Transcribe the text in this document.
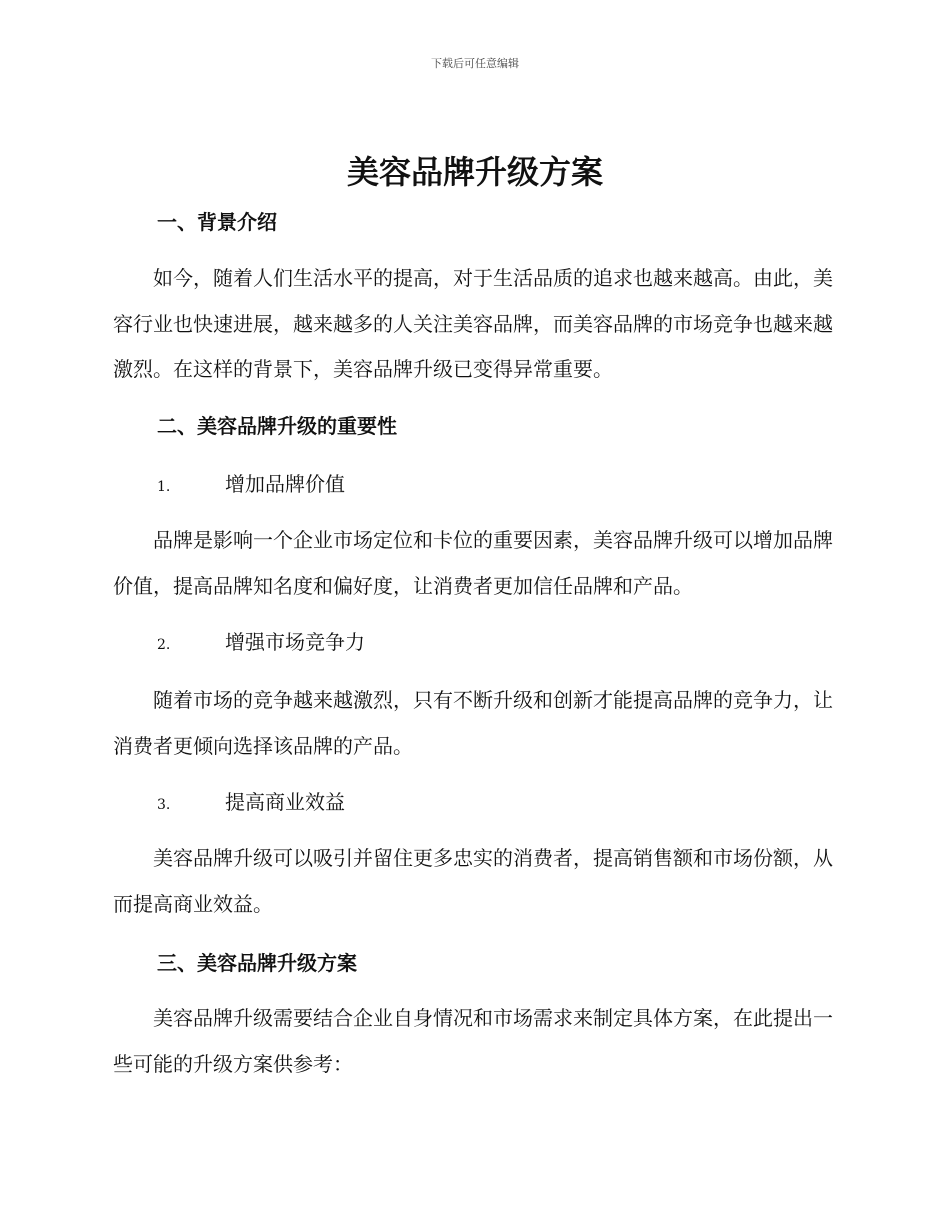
下载后可任意编辑
美容品牌升级方案
一、背景介绍

如今，随着人们生活水平的提高，对于生活品质的追求也越来越高。由此，美容行业也快速进展，越来越多的人关注美容品牌，而美容品牌的市场竞争也越来越激烈。在这样的背景下，美容品牌升级已变得异常重要。

二、美容品牌升级的重要性
1.	增加品牌价值

品牌是影响一个企业市场定位和卡位的重要因素，美容品牌升级可以增加品牌价值，提高品牌知名度和偏好度，让消费者更加信任品牌和产品。

2.	增强市场竞争力

随着市场的竞争越来越激烈，只有不断升级和创新才能提高品牌的竞争力，让消费者更倾向选择该品牌的产品。

3.	提高商业效益

美容品牌升级可以吸引并留住更多忠实的消费者，提高销售额和市场份额，从而提高商业效益。

三、美容品牌升级方案

美容品牌升级需要结合企业自身情况和市场需求来制定具体方案，在此提出一些可能的升级方案供参考：
